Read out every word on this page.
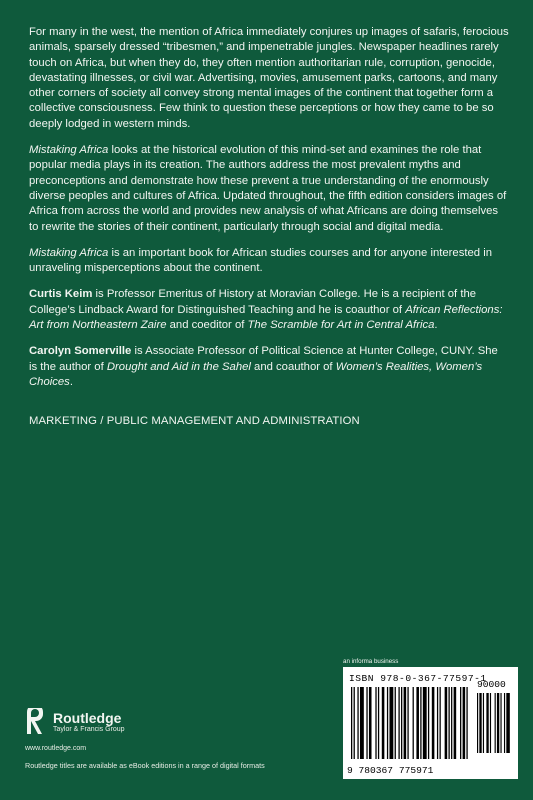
For many in the west, the mention of Africa immediately conjures up images of safaris, ferocious animals, sparsely dressed “tribesmen,” and impenetrable jungles. Newspaper headlines rarely touch on Africa, but when they do, they often mention authoritarian rule, corruption, genocide, devastating illnesses, or civil war. Advertising, movies, amusement parks, cartoons, and many other corners of society all convey strong mental images of the continent that together form a collective consciousness. Few think to question these perceptions or how they came to be so deeply lodged in western minds.

Mistaking Africa looks at the historical evolution of this mind-set and examines the role that popular media plays in its creation. The authors address the most prevalent myths and preconceptions and demonstrate how these prevent a true understanding of the enormously diverse peoples and cultures of Africa. Updated throughout, the fifth edition considers images of Africa from across the world and provides new analysis of what Africans are doing themselves to rewrite the stories of their continent, particularly through social and digital media.

Mistaking Africa is an important book for African studies courses and for anyone interested in unraveling misperceptions about the continent.

Curtis Keim is Professor Emeritus of History at Moravian College. He is a recipient of the College’s Lindback Award for Distinguished Teaching and he is coauthor of African Reflections: Art from Northeastern Zaire and coeditor of The Scramble for Art in Central Africa.

Carolyn Somerville is Associate Professor of Political Science at Hunter College, CUNY. She is the author of Drought and Aid in the Sahel and coauthor of Women’s Realities, Women’s Choices.

MARKETING / PUBLIC MANAGEMENT AND ADMINISTRATION

an informa business
ISBN 978-0-367-77597-1
90000
9 780367 775971
Routledge
Taylor & Francis Group
www.routledge.com
Routledge titles are available as eBook editions in a range of digital formats
